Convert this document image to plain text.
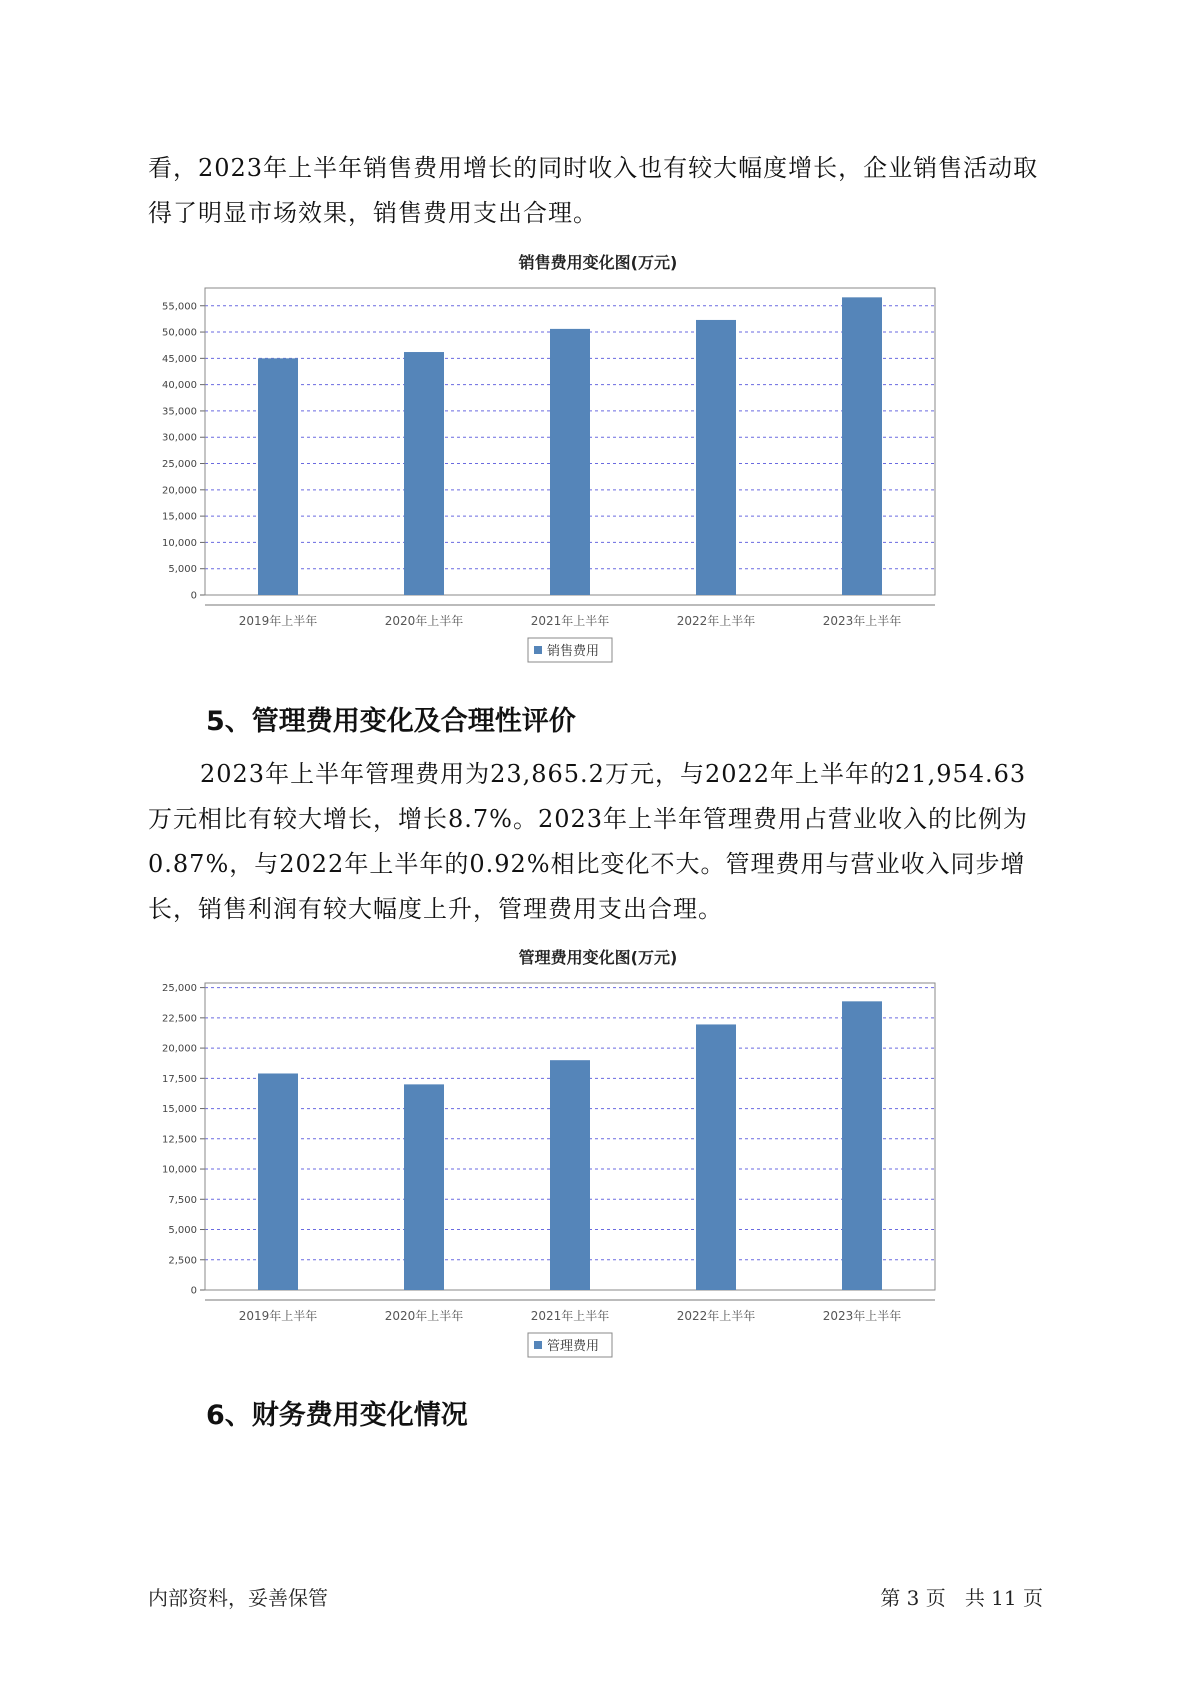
看，2023年上半年销售费用增长的同时收入也有较大幅度增长，企业销售活动取得了明显市场效果，销售费用支出合理。

销售费用变化图(万元)
0
5,000
10,000
15,000
20,000
25,000
30,000
35,000
40,000
45,000
50,000
55,000
2019年上半年	2020年上半年	2021年上半年	2022年上半年	2023年上半年
销售费用
5、管理费用变化及合理性评价

2023年上半年管理费用为23,865.2万元，与2022年上半年的21,954.63万元相比有较大增长，增长8.7%。2023年上半年管理费用占营业收入的比例为0.87%，与2022年上半年的0.92%相比变化不大。管理费用与营业收入同步增长，销售利润有较大幅度上升，管理费用支出合理。

管理费用变化图(万元)
0
2,500
5,000
7,500
10,000
12,500
15,000
17,500
20,000
22,500
25,000
2019年上半年	2020年上半年	2021年上半年	2022年上半年	2023年上半年
管理费用
6、财务费用变化情况
内部资料，妥善保管	第 3 页   共 11 页
